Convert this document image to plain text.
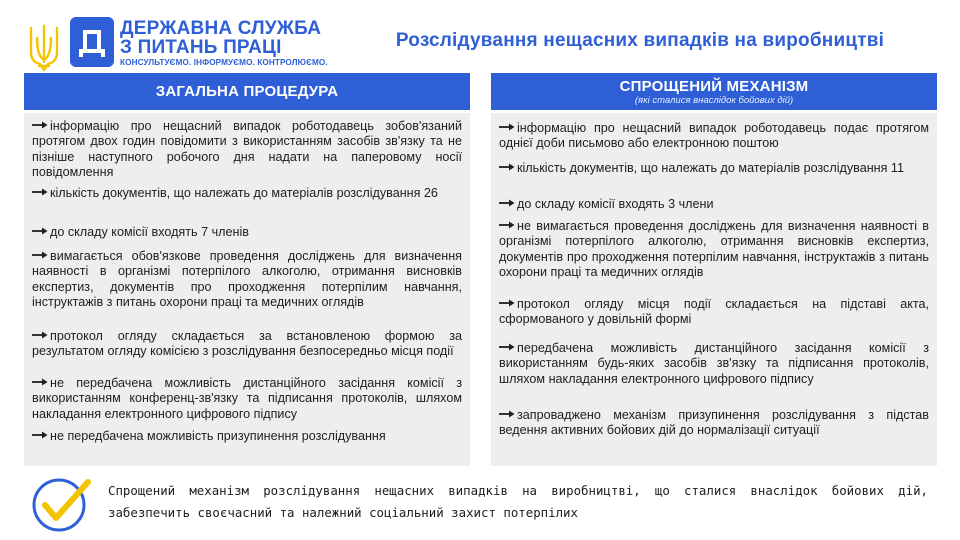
ДЕРЖАВНА СЛУЖБА
З ПИТАНЬ ПРАЦІ
КОНСУЛЬТУЄМО. ІНФОРМУЄМО. КОНТРОЛЮЄМО.
Розслідування нещасних випадків на виробництві
ЗАГАЛЬНА ПРОЦЕДУРА
інформацію про нещасний випадок роботодавець зобов'язаний протягом двох годин повідомити з використанням засобів зв'язку та не пізніше наступного робочого дня надати на паперовому носії повідомлення
кількість документів, що належать до матеріалів розслідування 26
до складу комісії входять 7 членів
вимагається обов'язкове проведення досліджень для визначення наявності в організмі потерпілого алкоголю, отримання висновків експертиз, документів про проходження потерпілим навчання, інструктажів з питань охорони праці та медичних оглядів
протокол огляду складається за встановленою формою за результатом огляду комісією з розслідування безпосередньо місця події
не передбачена можливість дистанційного засідання комісії з використанням конференц-зв'язку та підписання протоколів, шляхом накладання електронного цифрового підпису
не передбачена можливість призупинення розслідування
СПРОЩЕНИЙ МЕХАНІЗМ
(які сталися внаслідок бойових дій)
інформацію про нещасний випадок роботодавець подає протягом однієї доби письмово або електронною поштою
кількість документів, що належать до матеріалів розслідування 11
до складу комісії входять 3 члени
не вимагається проведення досліджень для визначення наявності в організмі потерпілого алкоголю, отримання висновків експертиз, документів про проходження потерпілим навчання, інструктажів з питань охорони праці та медичних оглядів
протокол огляду місця події складається на підставі акта, сформованого у довільній формі
передбачена можливість дистанційного засідання комісії з використанням будь-яких засобів зв'язку та підписання протоколів, шляхом накладання електронного цифрового підпису
запроваджено механізм призупинення розслідування з підстав ведення активних бойових дій до нормалізації ситуації
Спрощений механізм розслідування нещасних випадків на виробництві, що сталися внаслідок бойових дій, забезпечить своєчасний та належний соціальний захист потерпілих
